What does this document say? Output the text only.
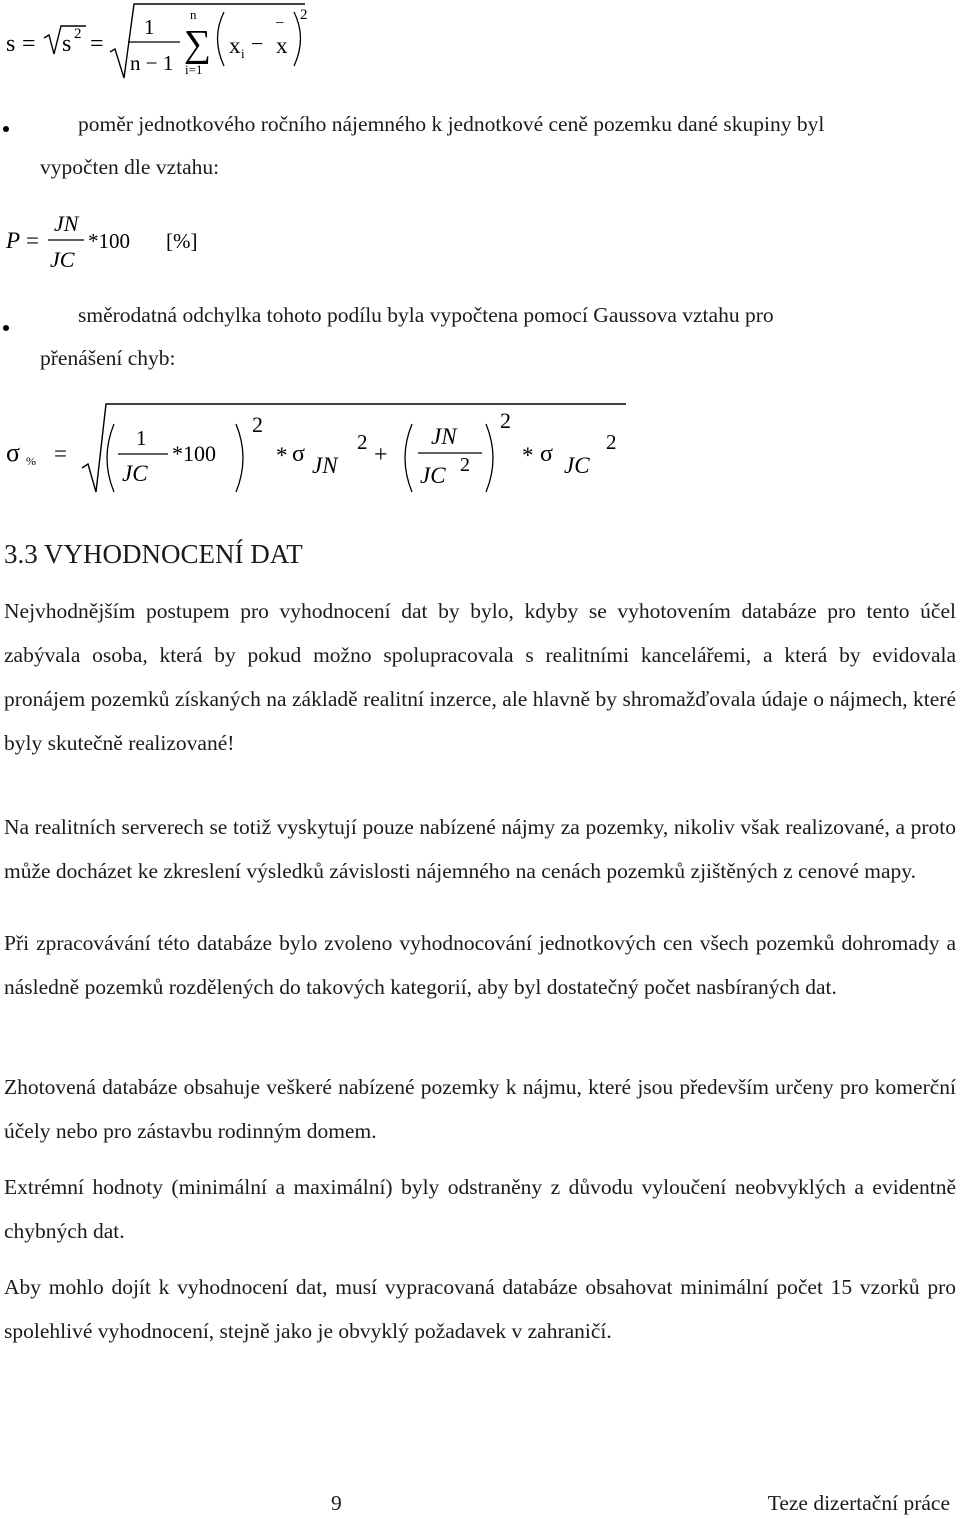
s = s 2 =
1
n − 1
n
∑
i=1
x i −
−
x
2
poměr jednotkového ročního nájemného k jednotkové ceně pozemku dané skupiny byl
vypočten dle vztahu:
P =
JN
JC
*100 [%]
směrodatná odchylka tohoto podílu byla vypočtena pomocí Gaussova vztahu pro
přenášení chyb:
σ % =
1
JC
*100
2
* σ JN
2 +
JN
JC 2
2
* σ JC
2
3.3 VYHODNOCENÍ DAT
Nejvhodnějším postupem pro vyhodnocení dat by bylo, kdyby se vyhotovením databáze pro tento účel zabývala osoba, která by pokud možno spolupracovala s realitními kancelářemi, a která by evidovala pronájem pozemků získaných na základě realitní inzerce, ale hlavně by shromažďovala údaje o nájmech, které byly skutečně realizované!
Na realitních serverech se totiž vyskytují pouze nabízené nájmy za pozemky, nikoliv však realizované, a proto může docházet ke zkreslení výsledků závislosti nájemného na cenách pozemků zjištěných z cenové mapy.
Při zpracovávání této databáze bylo zvoleno vyhodnocování jednotkových cen všech pozemků dohromady a následně pozemků rozdělených do takových kategorií, aby byl dostatečný počet nasbíraných dat.
Zhotovená databáze obsahuje veškeré nabízené pozemky k nájmu, které jsou především určeny pro komerční účely nebo pro zástavbu rodinným domem.
Extrémní hodnoty (minimální a maximální) byly odstraněny z důvodu vyloučení neobvyklých a evidentně chybných dat.
Aby mohlo dojít k vyhodnocení dat, musí vypracovaná databáze obsahovat minimální počet 15 vzorků pro spolehlivé vyhodnocení, stejně jako je obvyklý požadavek v zahraničí.
9	Teze dizertační práce
